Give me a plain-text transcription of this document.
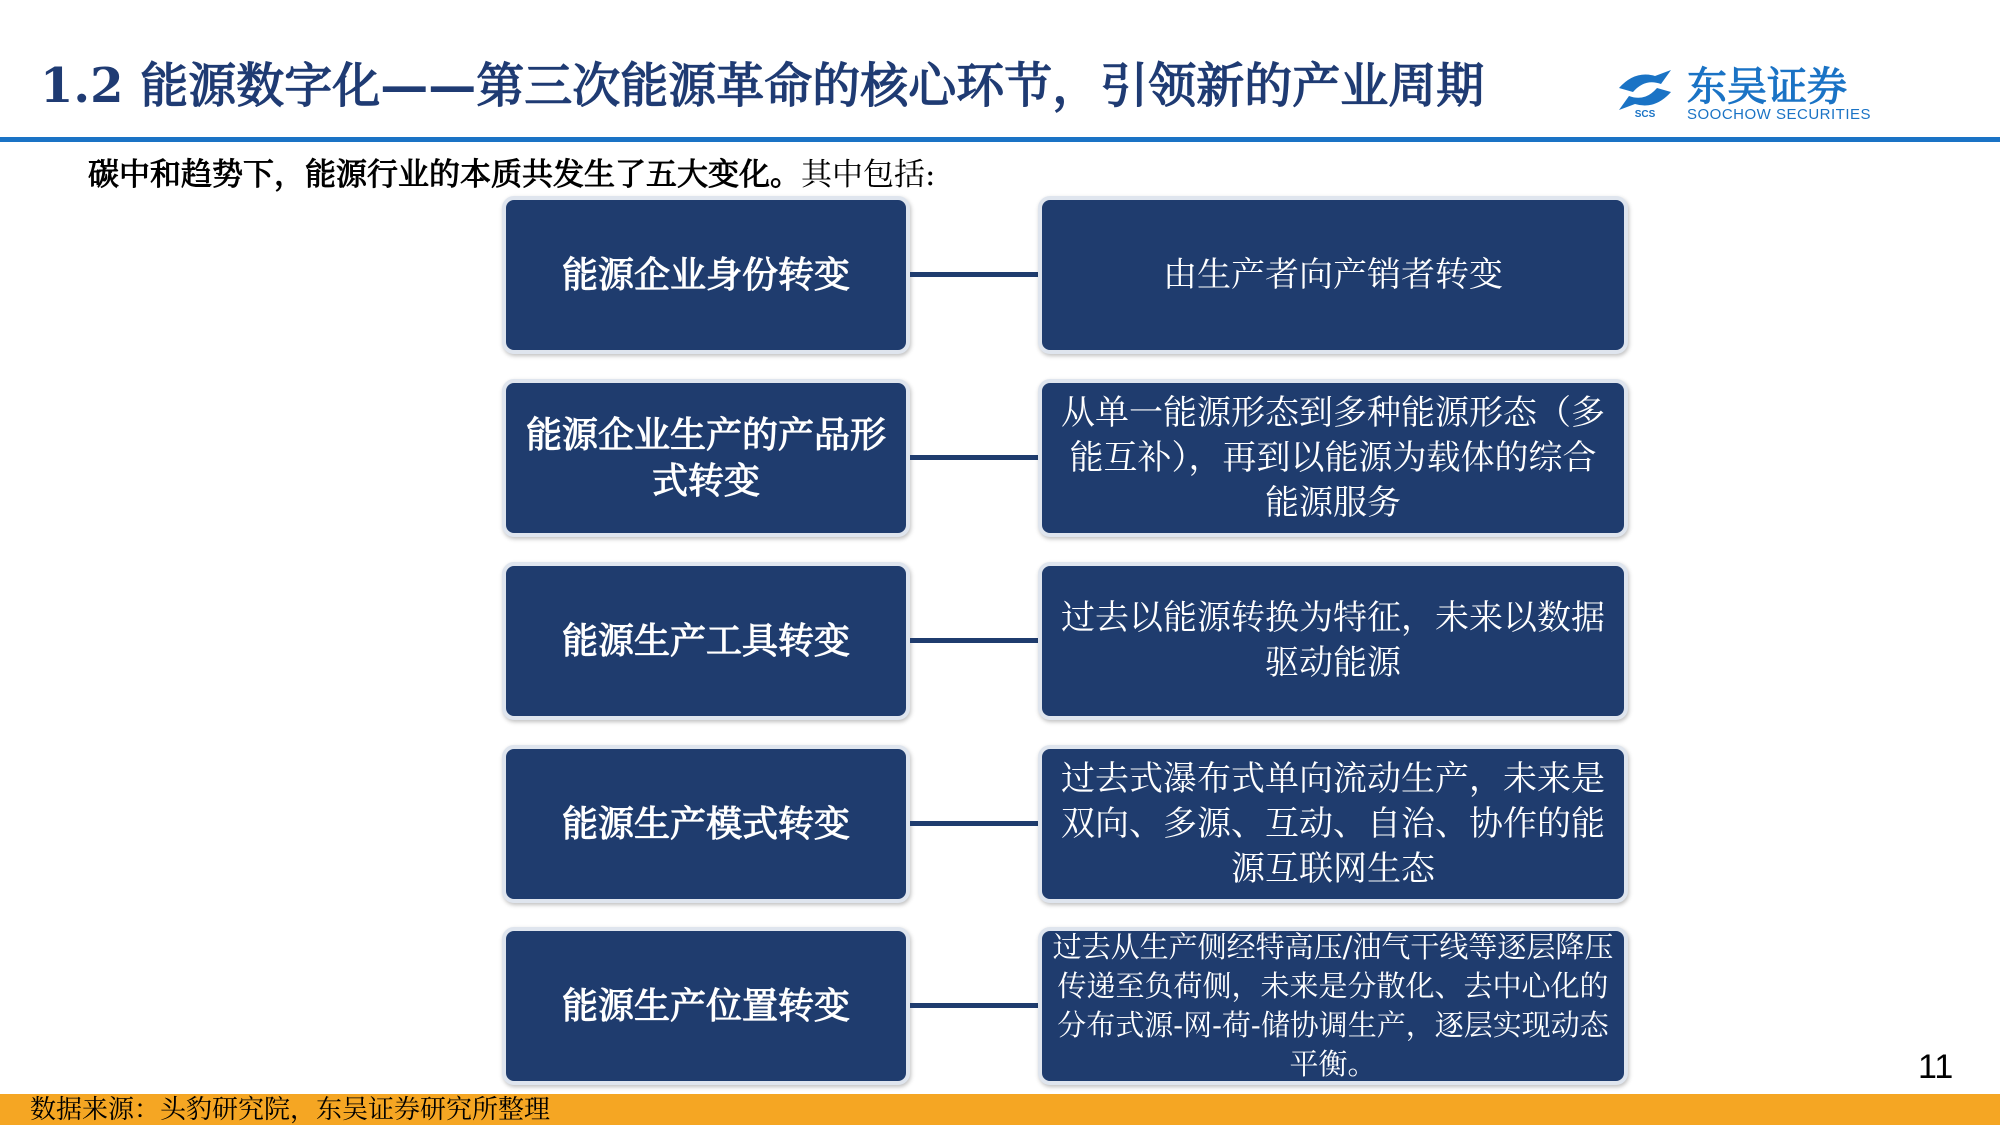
1.2 能源数字化——第三次能源革命的核心环节，引领新的产业周期
SCS
东吴证券
SOOCHOW SECURITIES
碳中和趋势下，能源行业的本质共发生了五大变化。其中包括:
能源企业身份转变	由生产者向产销者转变
能源企业生产的产品形式转变
从单一能源形态到多种能源形态（多能互补），再到以能源为载体的综合能源服务
能源生产工具转变
过去以能源转换为特征，未来以数据驱动能源
能源生产模式转变
过去式瀑布式单向流动生产，未来是双向、多源、互动、自治、协作的能源互联网生态
能源生产位置转变
过去从生产侧经特高压/油气干线等逐层降压传递至负荷侧，未来是分散化、去中心化的分布式源-网-荷-储协调生产，逐层实现动态平衡。	11
数据来源：头豹研究院，东吴证券研究所整理
